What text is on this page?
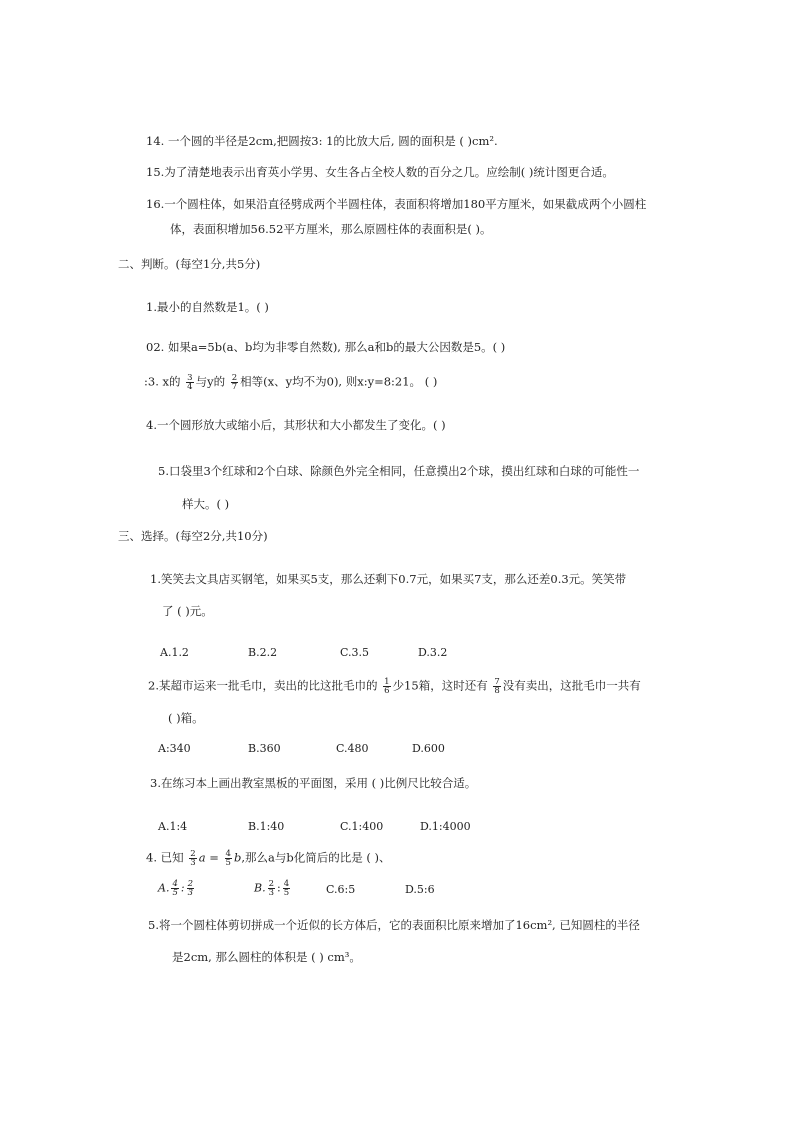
14. 一个圆的半径是2cm,把圆按3: 1的比放大后, 圆的面积是 ( )cm².
15.为了清楚地表示出育英小学男、女生各占全校人数的百分之几。应绘制( )统计图更合适。
16.一个圆柱体，如果沿直径劈成两个半圆柱体，表面积将增加180平方厘米，如果截成两个小圆柱
体，表面积增加56.52平方厘米，那么原圆柱体的表面积是( )。
二、判断。(每空1分,共5分)
1.最小的自然数是1。( )
02. 如果a=5b(a、b均为非零自然数), 那么a和b的最大公因数是5。( )
:3. x的 $\frac{3}{4}$ 与y的 $\frac{2}{7}$ 相等(x、y均不为0), 则x:y=8:21。 ( )
4.一个圆形放大或缩小后，其形状和大小都发生了变化。( )
5.口袋里3个红球和2个白球、除颜色外完全相同，任意摸出2个球，摸出红球和白球的可能性一
样大。( )
三、选择。(每空2分,共10分)
1.笑笑去文具店买钢笔，如果买5支，那么还剩下0.7元，如果买7支，那么还差0.3元。笑笑带
了 ( )元。
A.1.2	B.2.2	C.3.5	D.3.2
2.某超市运来一批毛巾，卖出的比这批毛巾的 $\frac{1}{6}$ 少15箱，这时还有 $\frac{7}{8}$ 没有卖出，这批毛巾一共有
( )箱。
A:340	B.360	C.480	D.600
3.在练习本上画出教室黑板的平面图，采用 ( )比例尺比较合适。
A.1:4	B.1:40	C.1:400	D.1:4000
4. 已知 $\frac{2}{3}$ $a = \frac{4}{5} b$,那么a与b化简后的比是 ( )、
A. $\frac{4}{5}$ : $\frac{2}{3}$	B. $\frac{2}{3}$ : $\frac{4}{5}$	C.6:5	D.5:6
5.将一个圆柱体剪切拼成一个近似的长方体后，它的表面积比原来增加了16cm², 已知圆柱的半径
是2cm, 那么圆柱的体积是 ( ) cm³。
